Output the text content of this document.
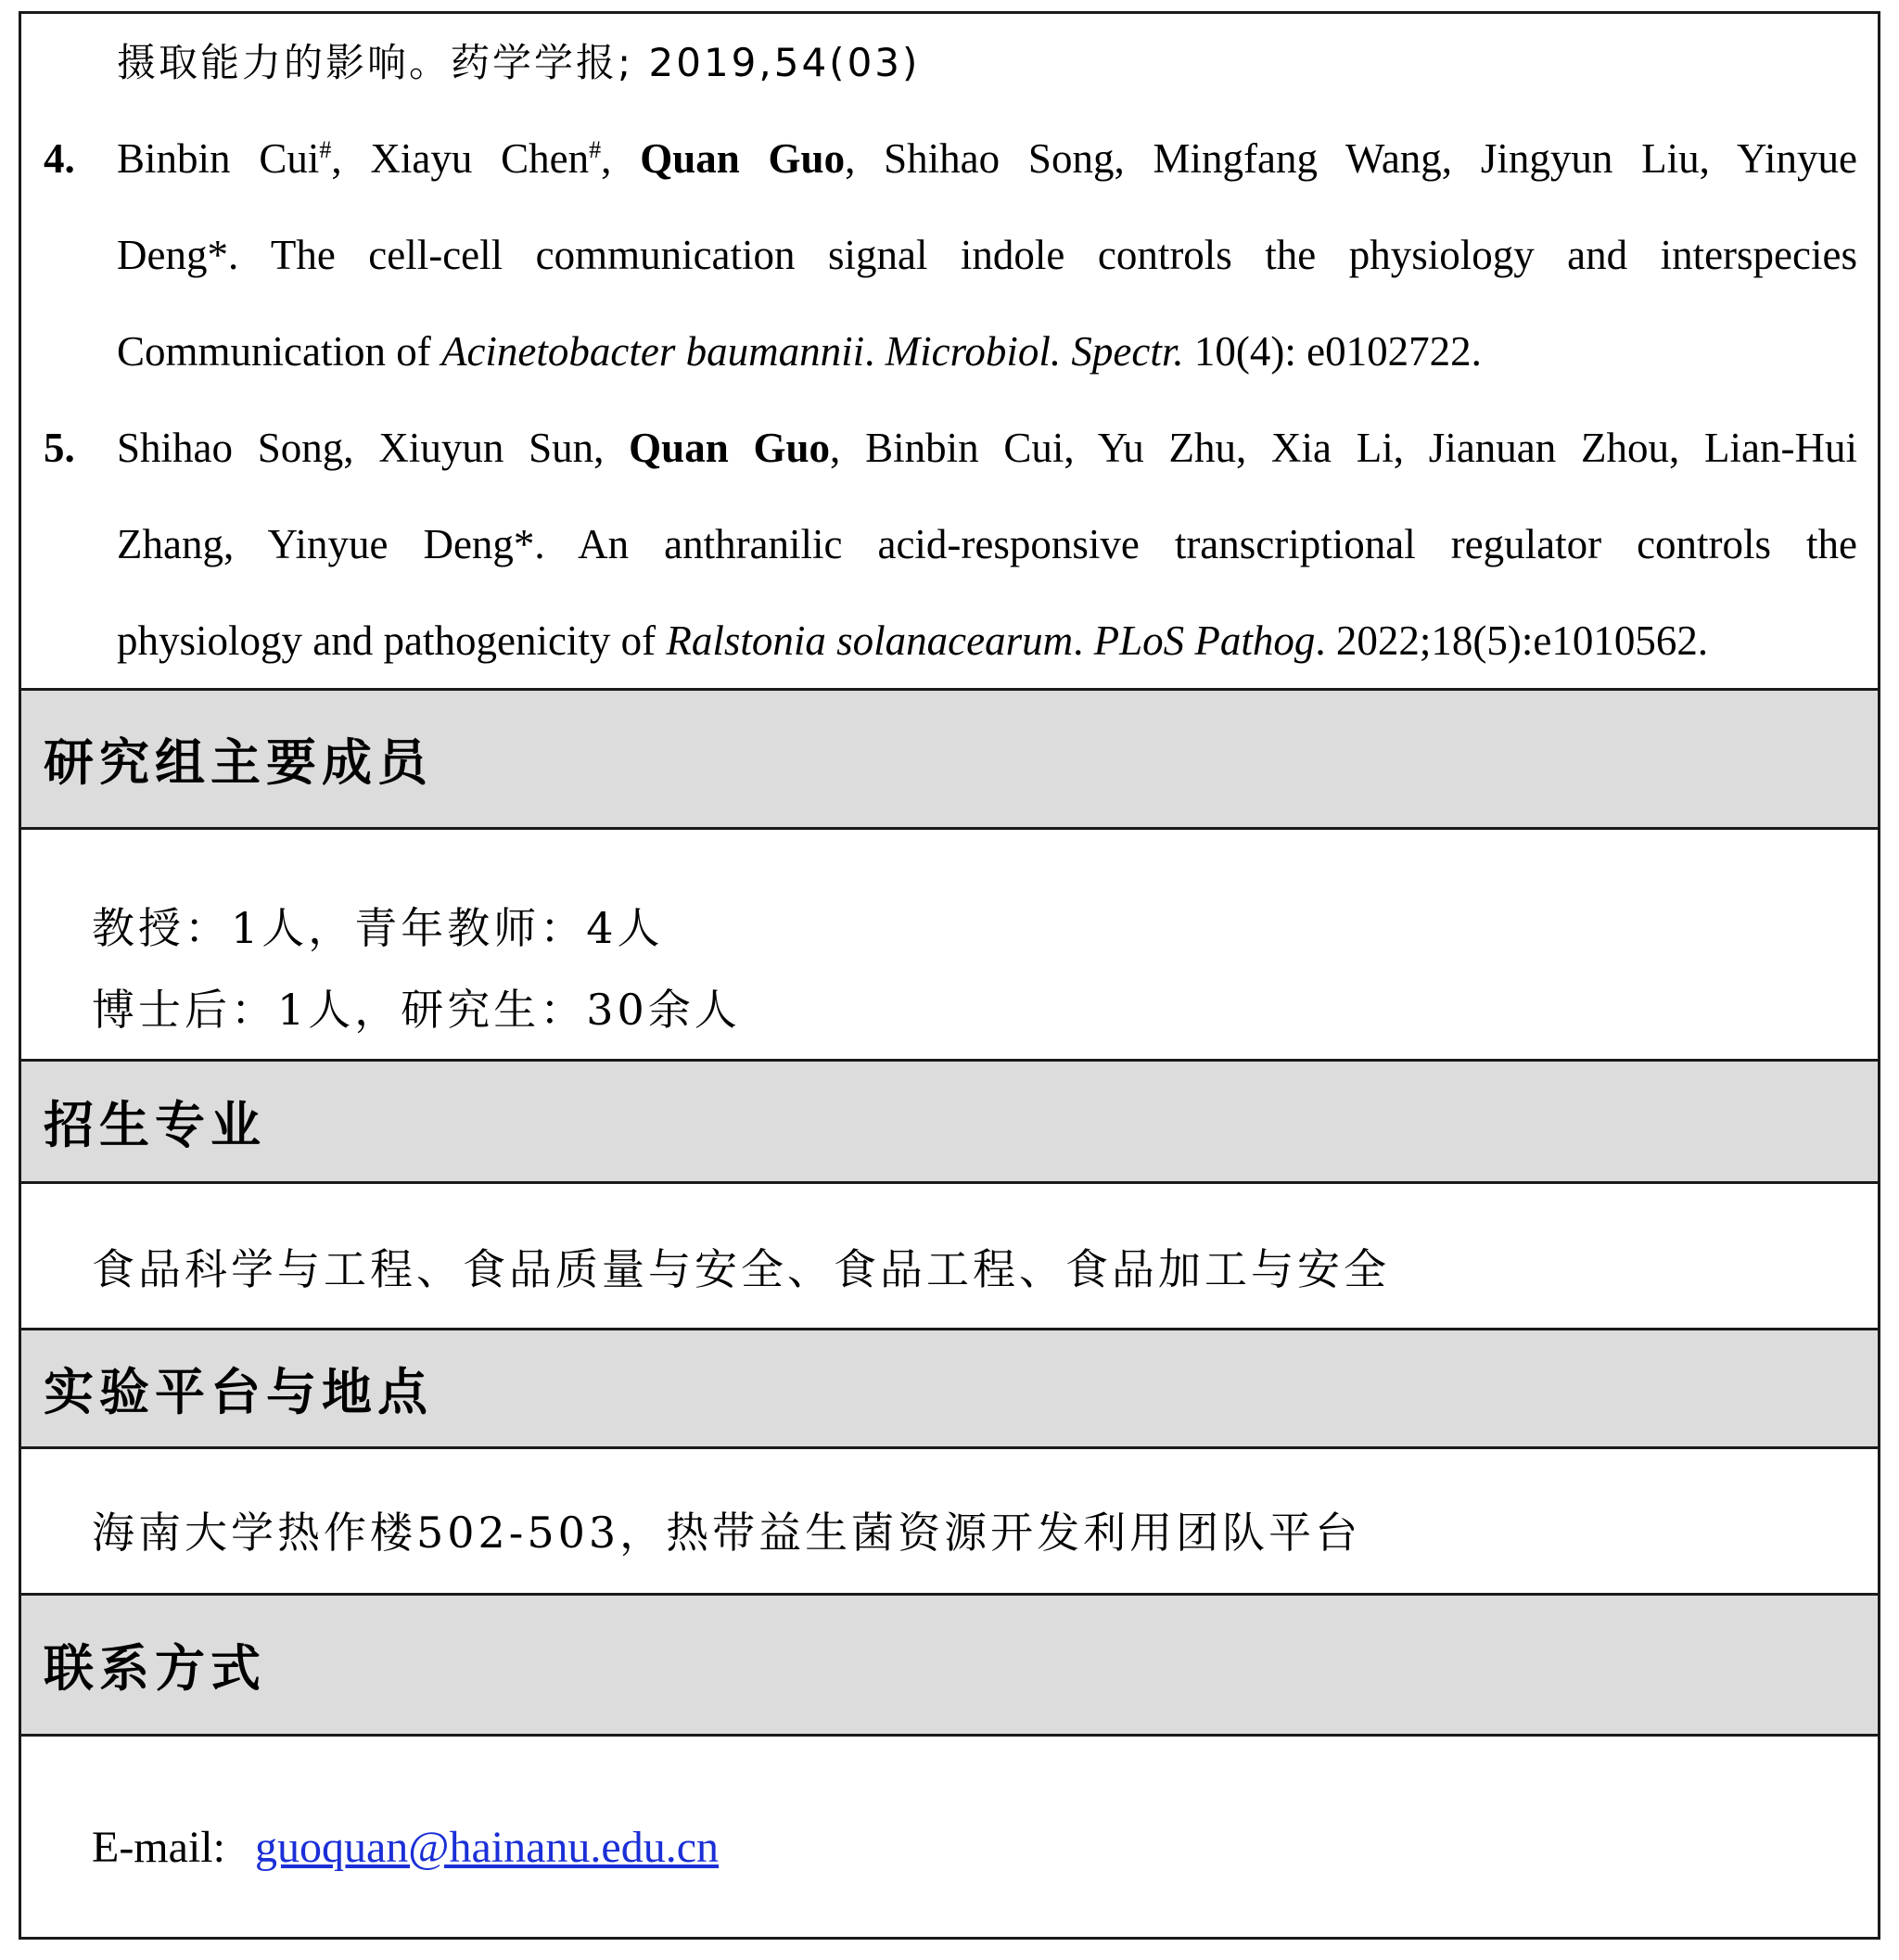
摄取能力的影响。药学学报; 2019,54(03)
4.	Binbin Cui#, Xiayu Chen#, Quan Guo, Shihao Song, Mingfang Wang, Jingyun Liu, Yinyue
Deng*. The cell-cell communication signal indole controls the physiology and interspecies
Communication of Acinetobacter baumannii. Microbiol. Spectr. 10(4): e0102722.
5.	Shihao Song, Xiuyun Sun, Quan Guo, Binbin Cui, Yu Zhu, Xia Li, Jianuan Zhou, Lian-Hui
Zhang, Yinyue Deng*. An anthranilic acid-responsive transcriptional regulator controls the
physiology and pathogenicity of Ralstonia solanacearum. PLoS Pathog. 2022;18(5):e1010562.
研究组主要成员
教授：1人，青年教师：4人
博士后：1人，研究生：30余人
招生专业
食品科学与工程、食品质量与安全、食品工程、食品加工与安全
实验平台与地点
海南大学热作楼502-503，热带益生菌资源开发利用团队平台
联系方式
E-mail: guoquan@hainanu.edu.cn
